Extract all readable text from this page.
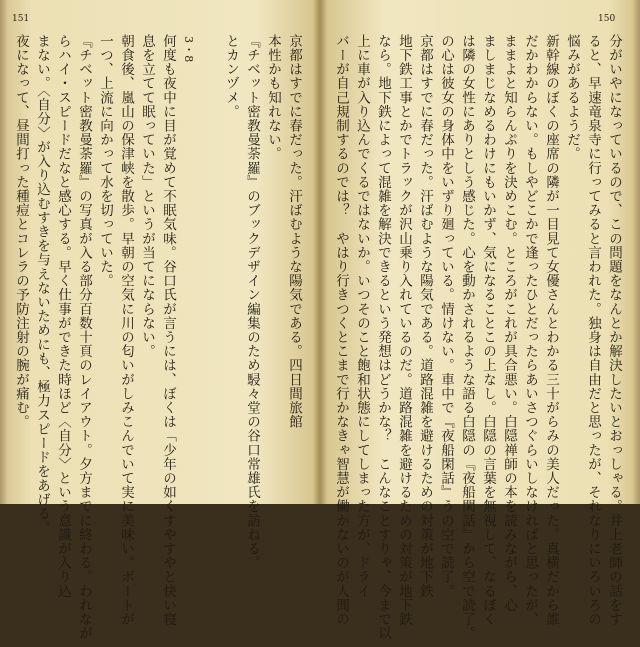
151	150
京都はすでに春だった。汗ばむような陽気である。四日間旅館
本性かも知れない。
『チベット密教曼荼羅』のブックデザイン編集のため駸々堂の谷口常雄氏を訪ねる。
とカンヅメ。

3・8
何度も夜中に目が覚めて不眠気味。谷口氏が言うには、ぼくは「少年の如くすやすやと快い寝
息を立てて眠っていた」というが当てにならない。
朝食後、嵐山の保津峡を散歩。早朝の空気に川の匂いがしみこんでいて実に美味い。ボートが
一つ、上流に向かって水を切っていた。
『チベット密教曼荼羅』の写真が入る部分百数十頁のレイアウト。夕方までに終わる。われなが
らハイ・スピードだなと感心する。早く仕事ができた時ほど〈自分〉という意識が入り込
まない。〈自分〉が入り込むすきを与えないためにも、極力スピードをあげる。
夜になって、昼間打った種痘とコレラの予防注射の腕が痛む。
　	分がいやになっているので、この問題をなんとか解決したいとおっしゃる。井上老師の話をす
ると、早速竜泉寺に行ってみると言われた。独身は自由だと思ったが、それなりにいろいろの
悩みがあるようだ。
新幹線のぼくの座席の隣が一目見て女優さんとわかる三十がらみの美人だった。真横だから誰
だかわからない。もしやどこかで逢ったひとだったらあいさつぐらいしなければと思ったが、
ままよと知らんぷりを決めこむ。ところがこれが具合悪い。白隠禅師の本を読みながら、心
ましまじなめるわけにもいかず、気になることこの上なし。白隠の言葉を無視して、なるぼく
は隣の女性にありとしう感じた。心を動かされるような語る白隠の『夜船閑話』から空で読了。
の心は彼女の身体中をいずり廻っている。情けない。車中で『夜船閑話』うの空で読了。
京都はすでに春だった。汗ばむような陽気である。道路混雑を避けるための対策が地下鉄
地下鉄工事とかでトラックが沢山乗り入れているのだ。道路混雑を避けるための対策が地下鉄
なら。地下鉄によって混雑を解決できるという発想はどうかな？　こんなことすりゃ、今まで以
上に車が入り込んでくるではないか。いつそのこと飽和状態にしてしまった方が、ドライ
バーが自己規制するのでは？　やはり行きつくとこまで行かなきゃ智慧が働かないのが人間の
